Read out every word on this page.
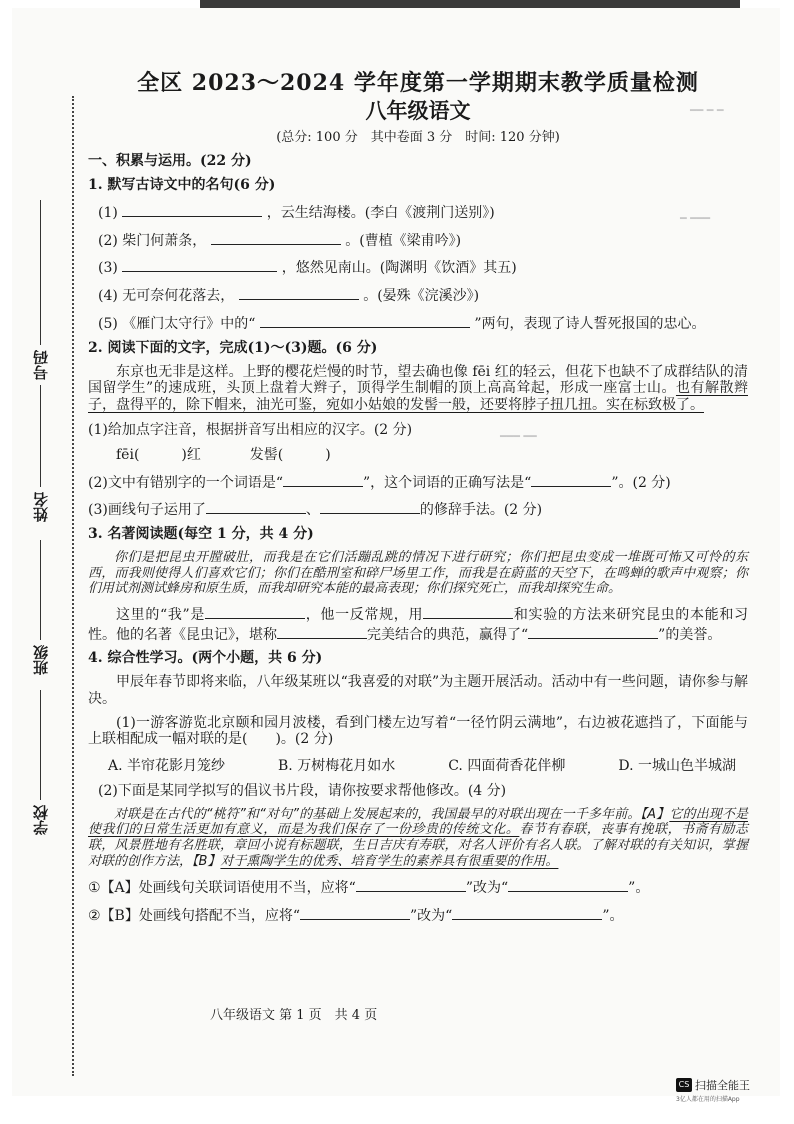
━━ ━ ━
━ ━━━
━━━ ━━
号码
姓名
班级
学校
全区 2023～2024 学年度第一学期期末教学质量检测
八年级语文
(总分: 100 分　其中卷面 3 分　时间: 120 分钟)
一、积累与运用。(22 分)
1. 默写古诗文中的名句(6 分)
(1)	，云生结海楼。(李白《渡荆门送别》)
(2) 柴门何萧条，	。(曹植《梁甫吟》)
(3)	，悠然见南山。(陶渊明《饮酒》其五)
(4) 无可奈何花落去，	。(晏殊《浣溪沙》)
(5) 《雁门太守行》中的“	”两句，表现了诗人誓死报国的忠心。
2. 阅读下面的文字，完成(1)～(3)题。(6 分)
东京也无非是这样。上野的樱花烂慢的时节，望去确也像 fēi 红的轻云，但花下也缺不了成群结队的清国留学生”的速成班，头顶上盘着大辫子，顶得学生制帽的顶上高高耸起，形成一座富士山。也有解散辫子，盘得平的，除下帽来，油光可鉴，宛如小姑娘的发髻一般，还要将脖子扭几扭。实在标致极了。
(1)给加点字注音，根据拼音写出相应的汉字。(2 分)
fēi(　　　)红	发髻(　　　)
(2)文中有错别字的一个词语是“	”，这个词语的正确写法是“	”。(2 分)
(3)画线句子运用了	、	的修辞手法。(2 分)
3. 名著阅读题(每空 1 分，共 4 分)
你们是把昆虫开膛破肚，而我是在它们活蹦乱跳的情况下进行研究；你们把昆虫变成一堆既可怖又可怜的东西，而我则使得人们喜欢它们；你们在酷刑室和碎尸场里工作，而我是在蔚蓝的天空下，在鸣蝉的歌声中观察；你们用试剂测试蜂房和原生质，而我却研究本能的最高表现；你们探究死亡，而我却探究生命。
这里的“我”是	，他一反常规，用	和实验的方法来研究昆虫的本能和习性。他的名著《昆虫记》，堪称	完美结合的典范，赢得了“	”的美誉。
4. 综合性学习。(两个小题，共 6 分)
甲辰年春节即将来临，八年级某班以“我喜爱的对联”为主题开展活动。活动中有一些问题，请你参与解决。
(1)一游客游览北京颐和园月波楼，看到门楼左边写着“一径竹阴云满地”，右边被花遮挡了，下面能与上联相配成一幅对联的是(　　)。(2 分)
A. 半帘花影月笼纱	B. 万树梅花月如水	C. 四面荷香花伴柳	D. 一城山色半城湖
(2)下面是某同学拟写的倡议书片段，请你按要求帮他修改。(4 分)
对联是在古代的“桃符”和“对句”的基础上发展起来的，我国最早的对联出现在一千多年前。【A】它的出现不是使我们的日常生活更加有意义，而是为我们保存了一份珍贵的传统文化。春节有春联，丧事有挽联，书斋有励志联，风景胜地有名胜联，章回小说有标题联，生日吉庆有寿联，对名人评价有名人联。了解对联的有关知识，掌握对联的创作方法，【B】对于熏陶学生的优秀、培育学生的素养具有很重要的作用。
①【A】处画线句关联词语使用不当，应将“	”改为“	”。
②【B】处画线句搭配不当，应将“	”改为“	”。
八年级语文 第 1 页　共 4 页
CS 扫描全能王
3亿人都在用的扫描App
